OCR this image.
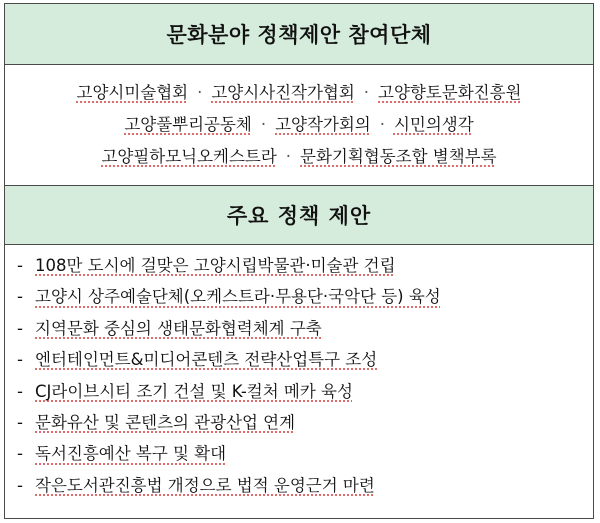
문화분야 정책제안 참여단체
고양시미술협회 · 고양시사진작가협회 · 고양향토문화진흥원
고양풀뿌리공동체 · 고양작가회의 · 시민의생각
고양필하모닉오케스트라 · 문화기획협동조합 별책부록
주요 정책 제안
- 108만 도시에 걸맞은 고양시립박물관·미술관 건립
- 고양시 상주예술단체(오케스트라·무용단·국악단 등) 육성
- 지역문화 중심의 생태문화협력체계 구축
- 엔터테인먼트&미디어콘텐츠 전략산업특구 조성
- CJ라이브시티 조기 건설 및 K-컬처 메카 육성
- 문화유산 및 콘텐츠의 관광산업 연계
- 독서진흥예산 복구 및 확대
- 작은도서관진흥법 개정으로 법적 운영근거 마련
